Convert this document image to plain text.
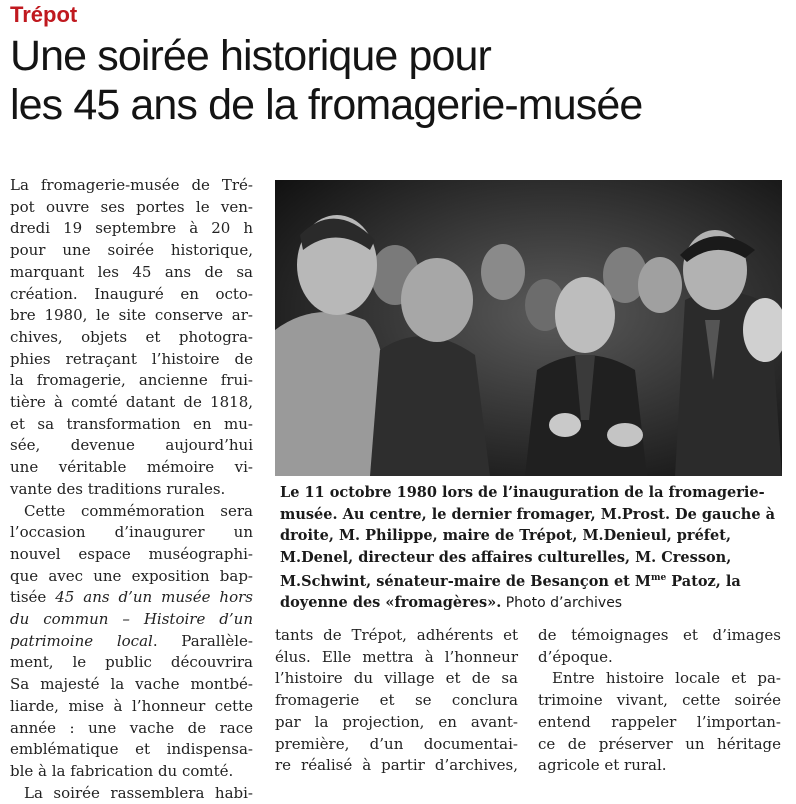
Trépot
Une soirée historique pour
les 45 ans de la fromagerie-musée

La fromagerie-musée de Tré-
pot ouvre ses portes le ven-
dredi 19 septembre à 20 h
pour une soirée historique,
marquant les 45 ans de sa
création. Inauguré en octo-
bre 1980, le site conserve ar-
chives, objets et photogra-
phies retraçant l’histoire de
la fromagerie, ancienne frui-
tière à comté datant de 1818,
et sa transformation en mu-
sée, devenue aujourd’hui
une véritable mémoire vi-
vante des traditions rurales.

Cette commémoration sera
l’occasion d’inaugurer un
nouvel espace muséographi-
que avec une exposition bap-
tisée 45 ans d’un musée hors
du commun – Histoire d’un
patrimoine local. Parallèle-
ment, le public découvrira
Sa majesté la vache montbé-
liarde, mise à l’honneur cette
année : une vache de race
emblématique et indispensa-
ble à la fabrication du comté.

La soirée rassemblera habi-

Le 11 octobre 1980 lors de l’inauguration de la fromagerie-
musée. Au centre, le dernier fromager, M.Prost. De gauche à
droite, M. Philippe, maire de Trépot, M.Denieul, préfet,
M.Denel, directeur des affaires culturelles, M. Cresson,
M.Schwint, sénateur-maire de Besançon et $M^{me}$ Patoz, la
doyenne des «fromagères». Photo d’archives

tants de Trépot, adhérents et
élus. Elle mettra à l’honneur
l’histoire du village et de sa
fromagerie et se conclura
par la projection, en avant-
première, d’un documentai-
re réalisé à partir d’archives,

de témoignages et d’images
d’époque.

Entre histoire locale et pa-
trimoine vivant, cette soirée
entend rappeler l’importan-
ce de préserver un héritage
agricole et rural.
